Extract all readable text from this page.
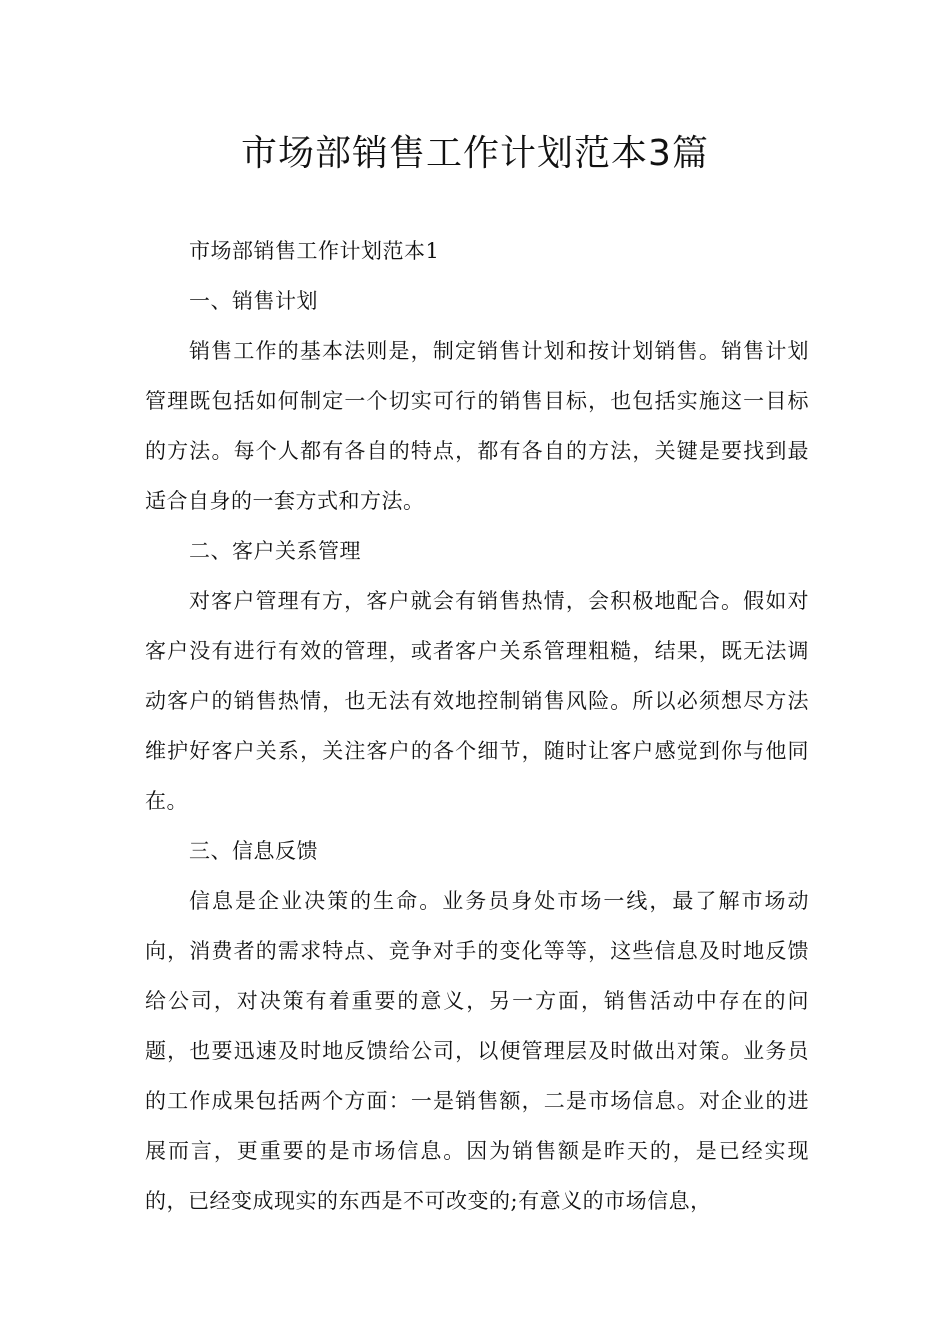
市场部销售工作计划范本3篇

市场部销售工作计划范本1

一、销售计划

销售工作的基本法则是，制定销售计划和按计划销售。销售计划管理既包括如何制定一个切实可行的销售目标，也包括实施这一目标的方法。每个人都有各自的特点，都有各自的方法，关键是要找到最适合自身的一套方式和方法。

二、客户关系管理

对客户管理有方，客户就会有销售热情，会积极地配合。假如对客户没有进行有效的管理，或者客户关系管理粗糙，结果，既无法调动客户的销售热情，也无法有效地控制销售风险。所以必须想尽方法维护好客户关系，关注客户的各个细节，随时让客户感觉到你与他同在。

三、信息反馈

信息是企业决策的生命。业务员身处市场一线，最了解市场动向，消费者的需求特点、竞争对手的变化等等，这些信息及时地反馈给公司，对决策有着重要的意义，另一方面，销售活动中存在的问题，也要迅速及时地反馈给公司，以便管理层及时做出对策。业务员的工作成果包括两个方面：一是销售额，二是市场信息。对企业的进展而言，更重要的是市场信息。因为销售额是昨天的，是已经实现的，已经变成现实的东西是不可改变的;有意义的市场信息，
